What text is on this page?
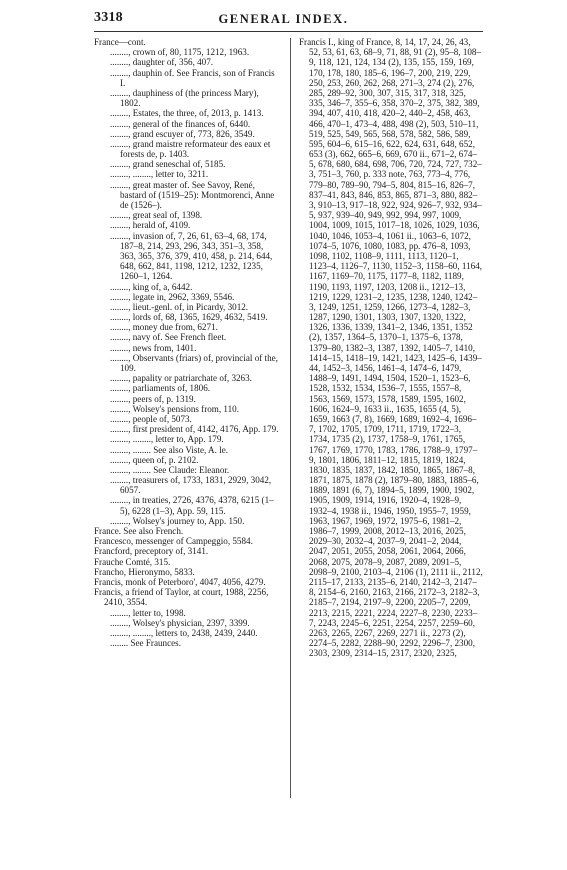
3318	GENERAL INDEX.
France—cont.
........, crown of, 80, 1175, 1212, 1963.
........, daughter of, 356, 407.
........, dauphin of. See Francis, son of Francis I.
........, dauphiness of (the princess Mary), 1802.
........, Estates, the three, of, 2013, p. 1413.
........, general of the finances of, 6440.
........, grand escuyer of, 773, 826, 3549.
........, grand maistre reformateur des eaux et forests de, p. 1403.
........, grand seneschal of, 5185.
........, ........, letter to, 3211.
........, great master of. See Savoy, René, bastard of (1519–25): Montmorenci, Anne de (1526–).
........, great seal of, 1398.
........, herald of, 4109.
........, invasion of, 7, 26, 61, 63–4, 68, 174, 187–8, 214, 293, 296, 343, 351–3, 358, 363, 365, 376, 379, 410, 458, p. 214, 644, 648, 662, 841, 1198, 1212, 1232, 1235, 1260–1, 1264.
........, king of, a, 6442.
........, legate in, 2962, 3369, 5546.
........, lieut.-genl. of, in Picardy, 3012.
........, lords of, 68, 1365, 1629, 4632, 5419.
........, money due from, 6271.
........, navy of. See French fleet.
........, news from, 1401.
........, Observants (friars) of, provincial of the, 109.
........, papality or patriarchate of, 3263.
........, parliaments of, 1806.
........, peers of, p. 1319.
........, Wolsey's pensions from, 110.
........, people of, 5073.
........, first president of, 4142, 4176, App. 179.
........, ........, letter to, App. 179.
........, ........ See also Viste, A. le.
........, queen of, p. 2102.
........, ........ See Claude: Eleanor.
........, treasurers of, 1733, 1831, 2929, 3042, 6057.
........, in treaties, 2726, 4376, 4378, 6215 (1–5), 6228 (1–3), App. 59, 115.
........, Wolsey's journey to, App. 150.
France. See also French.
Francesco, messenger of Campeggio, 5584.
Francford, preceptory of, 3141.
Frauche Comté, 315.
Francho, Hieronymo, 5833.
Francis, monk of Peterboro', 4047, 4056, 4279.
Francis, a friend of Taylor, at court, 1988, 2256, 2410, 3554.
........, letter to, 1998.
........, Wolsey's physician, 2397, 3399.
........, ........, letters to, 2438, 2439, 2440.
........ See Fraunces.
Francis I., king of France, 8, 14, 17, 24, 26, 43, 52, 53, 61, 63, 68–9, 71, 88, 91 (2), 95–8, 108–9, 118, 121, 124, 134 (2), 135, 155, 159, 169, 170, 178, 180, 185–6, 196–7, 200, 219, 229, 250, 253, 260, 262, 268, 271–3, 274 (2), 276, 285, 289–92, 300, 307, 315, 317, 318, 325, 335, 346–7, 355–6, 358, 370–2, 375, 382, 389, 394, 407, 410, 418, 420–2, 440–2, 458, 463, 466, 470–1, 473–4, 488, 498 (2), 503, 510–11, 519, 525, 549, 565, 568, 578, 582, 586, 589, 595, 604–6, 615–16, 622, 624, 631, 648, 652, 653 (3), 662, 665–6, 669, 670 ii., 671–2, 674–5, 678, 680, 684, 698, 706, 720, 724, 727, 732–3, 751–3, 760, p. 333 note, 763, 773–4, 776, 779–80, 789–90, 794–5, 804, 815–16, 826–7, 837–41, 843, 846, 853, 865, 871–3, 880, 882–3, 910–13, 917–18, 922, 924, 926–7, 932, 934–5, 937, 939–40, 949, 992, 994, 997, 1009, 1004, 1009, 1015, 1017–18, 1026, 1029, 1036, 1040, 1046, 1053–4, 1061 ii., 1063–6, 1072, 1074–5, 1076, 1080, 1083, pp. 476–8, 1093, 1098, 1102, 1108–9, 1111, 1113, 1120–1, 1123–4, 1126–7, 1130, 1152–3, 1158–60, 1164, 1167, 1169–70, 1175, 1177–8, 1182, 1189, 1190, 1193, 1197, 1203, 1208 ii., 1212–13, 1219, 1229, 1231–2, 1235, 1238, 1240, 1242–3, 1249, 1251, 1259, 1266, 1273–4, 1282–3, 1287, 1290, 1301, 1303, 1307, 1320, 1322, 1326, 1336, 1339, 1341–2, 1346, 1351, 1352 (2), 1357, 1364–5, 1370–1, 1375–6, 1378, 1379–80, 1382–3, 1387, 1392, 1405–7, 1410, 1414–15, 1418–19, 1421, 1423, 1425–6, 1439–44, 1452–3, 1456, 1461–4, 1474–6, 1479, 1488–9, 1491, 1494, 1504, 1520–1, 1523–6, 1528, 1532, 1534, 1536–7, 1555, 1557–8, 1563, 1569, 1573, 1578, 1589, 1595, 1602, 1606, 1624–9, 1633 ii., 1635, 1655 (4, 5), 1659, 1663 (7, 8), 1669, 1689, 1692–4, 1696–7, 1702, 1705, 1709, 1711, 1719, 1722–3, 1734, 1735 (2), 1737, 1758–9, 1761, 1765, 1767, 1769, 1770, 1783, 1786, 1788–9, 1797–9, 1801, 1806, 1811–12, 1815, 1819, 1824, 1830, 1835, 1837, 1842, 1850, 1865, 1867–8, 1871, 1875, 1878 (2), 1879–80, 1883, 1885–6, 1889, 1891 (6, 7), 1894–5, 1899, 1900, 1902, 1905, 1909, 1914, 1916, 1920–4, 1928–9, 1932–4, 1938 ii., 1946, 1950, 1955–7, 1959, 1963, 1967, 1969, 1972, 1975–6, 1981–2, 1986–7, 1999, 2008, 2012–13, 2016, 2025, 2029–30, 2032–4, 2037–9, 2041–2, 2044, 2047, 2051, 2055, 2058, 2061, 2064, 2066, 2068, 2075, 2078–9, 2087, 2089, 2091–5, 2098–9, 2100, 2103–4, 2106 (1), 2111 ii., 2112, 2115–17, 2133, 2135–6, 2140, 2142–3, 2147–8, 2154–6, 2160, 2163, 2166, 2172–3, 2182–3, 2185–7, 2194, 2197–9, 2200, 2205–7, 2209, 2213, 2215, 2221, 2224, 2227–8, 2230, 2233–7, 2243, 2245–6, 2251, 2254, 2257, 2259–60, 2263, 2265, 2267, 2269, 2271 ii., 2273 (2), 2274–5, 2282, 2288–90, 2292, 2296–7, 2300, 2303, 2309, 2314–15, 2317, 2320, 2325,
